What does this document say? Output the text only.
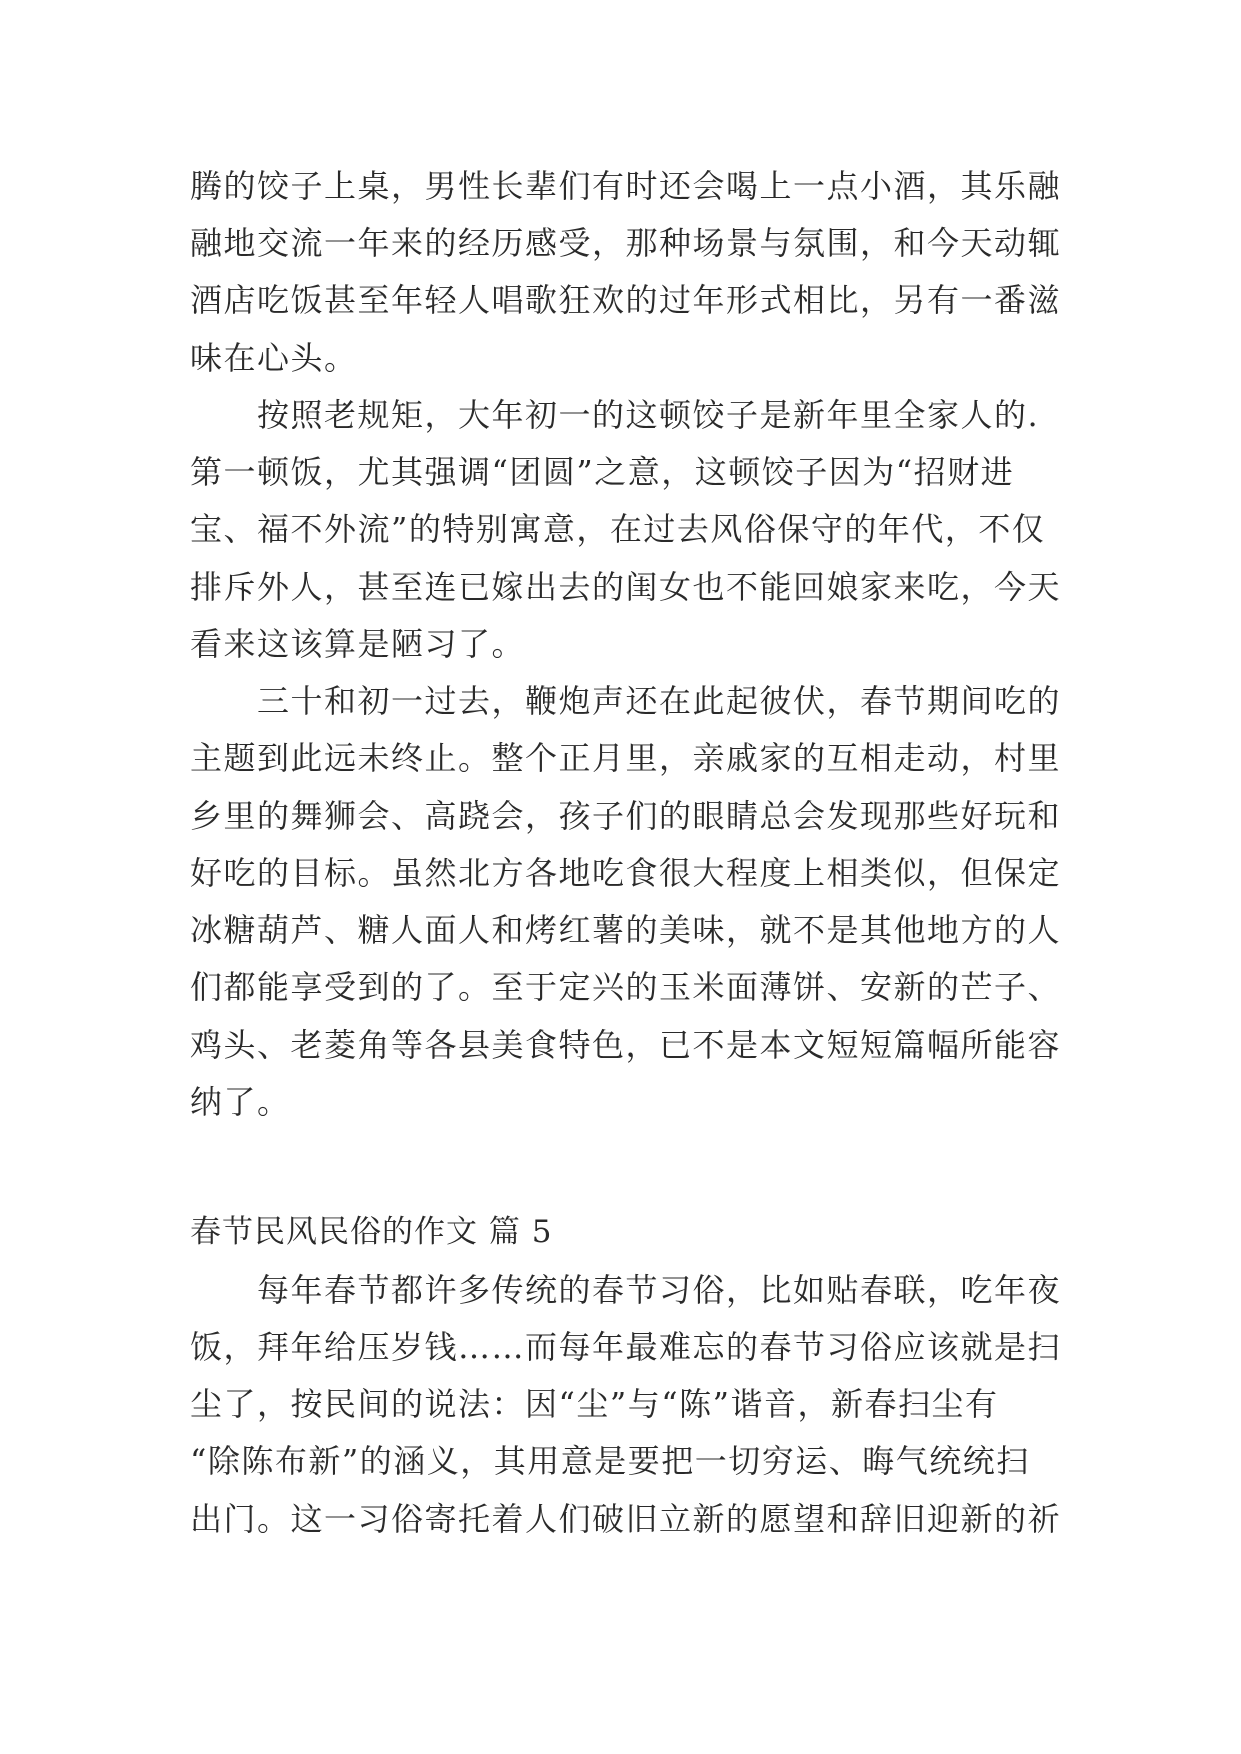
腾的饺子上桌，男性长辈们有时还会喝上一点小酒，其乐融
融地交流一年来的经历感受，那种场景与氛围，和今天动辄
酒店吃饭甚至年轻人唱歌狂欢的过年形式相比，另有一番滋
味在心头。
按照老规矩，大年初一的这顿饺子是新年里全家人的.
第一顿饭，尤其强调“团圆”之意，这顿饺子因为“招财进
宝、福不外流”的特别寓意，在过去风俗保守的年代，不仅
排斥外人，甚至连已嫁出去的闺女也不能回娘家来吃，今天
看来这该算是陋习了。
三十和初一过去，鞭炮声还在此起彼伏，春节期间吃的
主题到此远未终止。整个正月里，亲戚家的互相走动，村里
乡里的舞狮会、高跷会，孩子们的眼睛总会发现那些好玩和
好吃的目标。虽然北方各地吃食很大程度上相类似，但保定
冰糖葫芦、糖人面人和烤红薯的美味，就不是其他地方的人
们都能享受到的了。至于定兴的玉米面薄饼、安新的芒子、
鸡头、老菱角等各县美食特色，已不是本文短短篇幅所能容
纳了。
春节民风民俗的作文 篇 5
每年春节都许多传统的春节习俗，比如贴春联，吃年夜
饭，拜年给压岁钱……而每年最难忘的春节习俗应该就是扫
尘了，按民间的说法：因“尘”与“陈”谐音，新春扫尘有
“除陈布新”的涵义，其用意是要把一切穷运、晦气统统扫
出门。这一习俗寄托着人们破旧立新的愿望和辞旧迎新的祈
